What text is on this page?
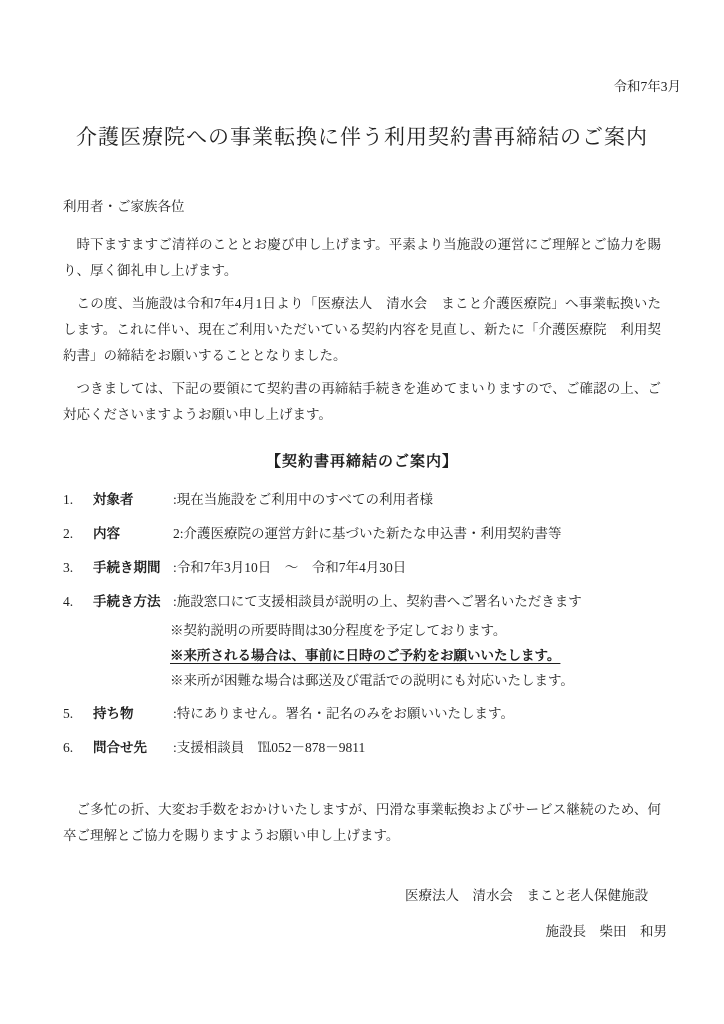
令和7年3月
介護医療院への事業転換に伴う利用契約書再締結のご案内
利用者・ご家族各位

時下ますますご清祥のこととお慶び申し上げます。平素より当施設の運営にご理解とご協力を賜り、厚く御礼申し上げます。

この度、当施設は令和7年4月1日より「医療法人　清水会　まこと介護医療院」へ事業転換いたします。これに伴い、現在ご利用いただいている契約内容を見直し、新たに「介護医療院　利用契約書」の締結をお願いすることとなりました。

つきましては、下記の要領にて契約書の再締結手続きを進めてまいりますので、ご確認の上、ご対応くださいますようお願い申し上げます。

【契約書再締結のご案内】
1.	対象者	:現在当施設をご利用中のすべての利用者様
2.	内容	2:介護医療院の運営方針に基づいた新たな申込書・利用契約書等
3.	手続き期間 :令和7年3月10日　～　令和7年4月30日
4.	手続き方法 :施設窓口にて支援相談員が説明の上、契約書へご署名いただきます
※契約説明の所要時間は30分程度を予定しております。
※来所される場合は、事前に日時のご予約をお願いいたします。
※来所が困難な場合は郵送及び電話での説明にも対応いたします。
5.	持ち物	:特にありません。署名・記名のみをお願いいたします。
6.	問合せ先	:支援相談員　℡052－878－9811

ご多忙の折、大変お手数をおかけいたしますが、円滑な事業転換およびサービス継続のため、何卒ご理解とご協力を賜りますようお願い申し上げます。

医療法人　清水会　まこと老人保健施設
施設長　柴田　和男
